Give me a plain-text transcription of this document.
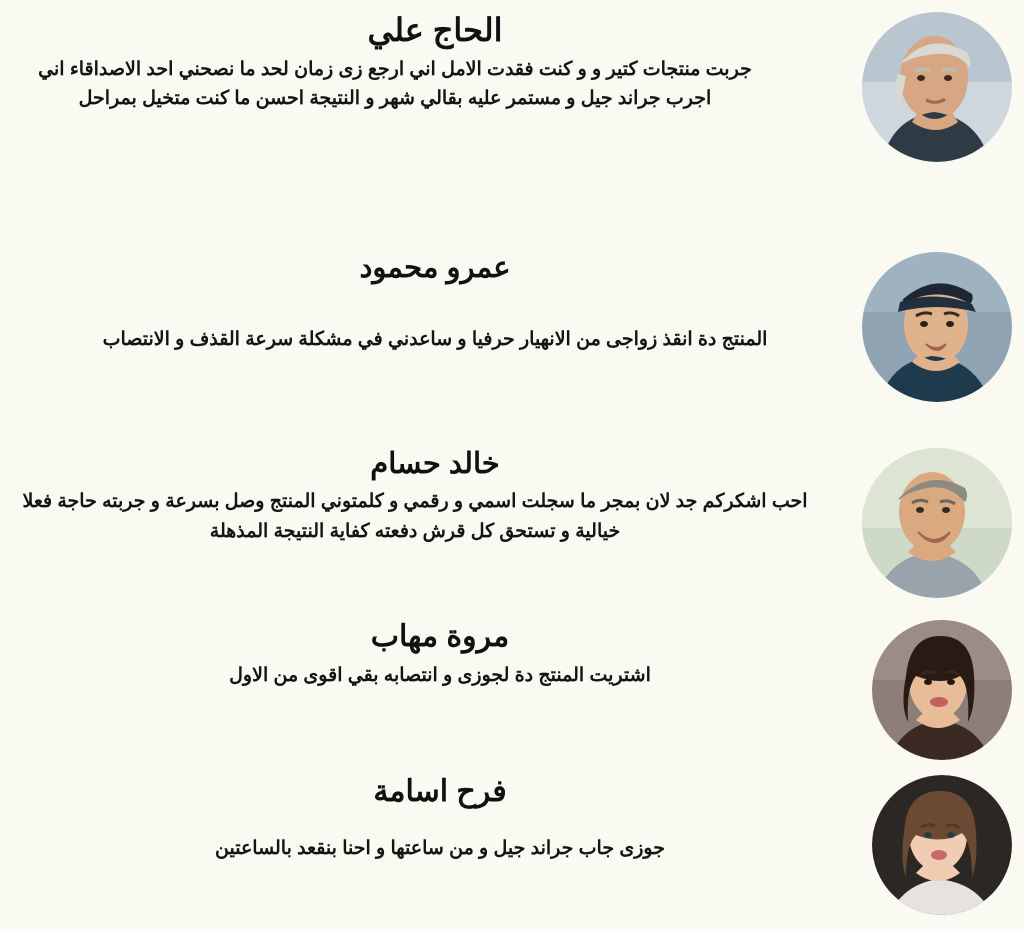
الحاج علي

جربت منتجات كتير و و كنت فقدت الامل اني ارجع زى زمان لحد ما نصحني احد الاصداقاء اني اجرب جراند جيل و مستمر عليه بقالي شهر و النتيجة احسن ما كنت متخيل بمراحل

عمرو محمود

المنتج دة انقذ زواجى من الانهيار حرفيا و ساعدني في مشكلة سرعة القذف و الانتصاب

خالد حسام

احب اشكركم جد لان بمجر ما سجلت اسمي و رقمي و كلمتوني المنتج وصل بسرعة و جربته حاجة فعلا خيالية و تستحق كل قرش دفعته كفاية النتيجة المذهلة

مروة مهاب

اشتريت المنتج دة لجوزى و انتصابه بقي اقوى من الاول

فرح اسامة

جوزى جاب جراند جيل و من ساعتها و احنا بنقعد بالساعتين
